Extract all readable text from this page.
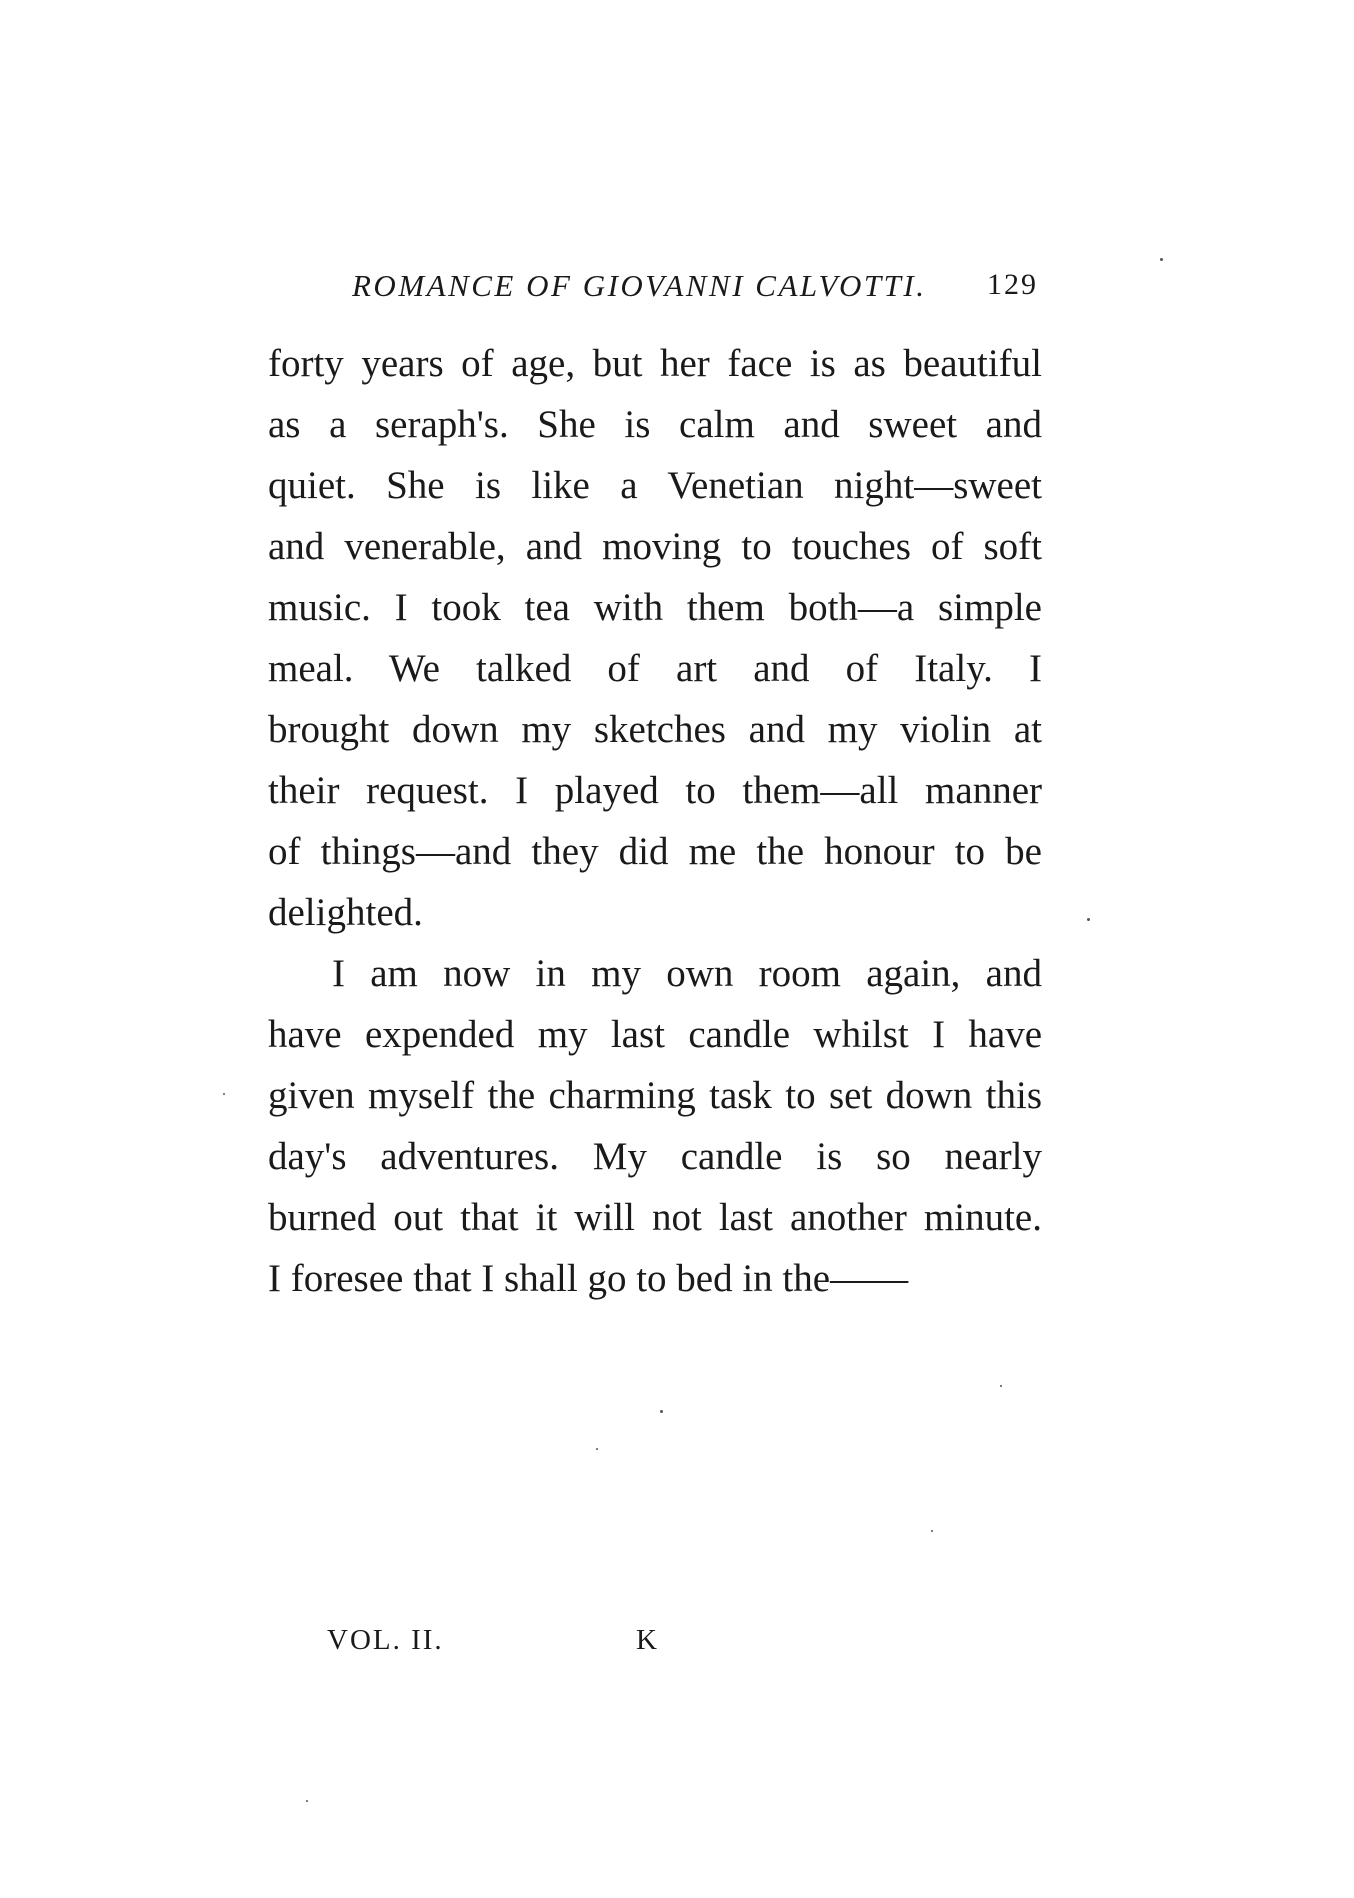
ROMANCE OF GIOVANNI CALVOTTI. 129
forty years of age, but her face is as beautiful
as a seraph's. She is calm and sweet and
quiet. She is like a Venetian night—sweet
and venerable, and moving to touches of soft
music. I took tea with them both—a simple
meal. We talked of art and of Italy. I
brought down my sketches and my violin at
their request. I played to them—all manner
of things—and they did me the honour to be
delighted.
I am now in my own room again, and
have expended my last candle whilst I have
given myself the charming task to set down this
day's adventures. My candle is so nearly
burned out that it will not last another minute.
I foresee that I shall go to bed in the——
VOL. II.	K
